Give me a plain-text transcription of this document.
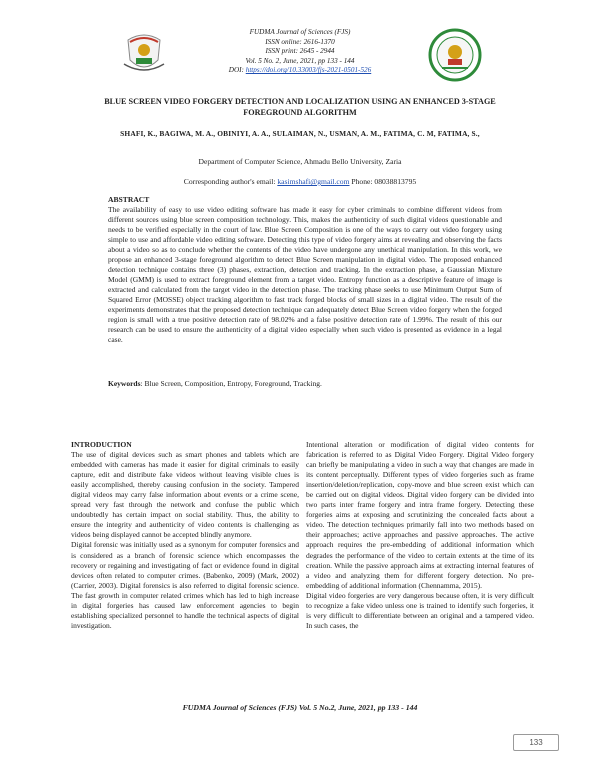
FUDMA Journal of Sciences (FJS)
ISSN online: 2616-1370
ISSN print: 2645 - 2944
Vol. 5 No. 2, June, 2021, pp 133 - 144
DOI: https://doi.org/10.33003/fjs-2021-0501-526
BLUE SCREEN VIDEO FORGERY DETECTION AND LOCALIZATION USING AN ENHANCED 3-STAGE FOREGROUND ALGORITHM
SHAFI, K., BAGIWA, M. A., OBINIYI, A. A., SULAIMAN, N., USMAN, A. M., FATIMA, C. M, FATIMA, S.,
Department of Computer Science, Ahmadu Bello University, Zaria
Corresponding author's email: kasimshafi@gmail.com Phone: 08038813795
ABSTRACT
The availability of easy to use video editing software has made it easy for cyber criminals to combine different videos from different sources using blue screen composition technology. This, makes the authenticity of such digital videos questionable and needs to be verified especially in the court of law. Blue Screen Composition is one of the ways to carry out video forgery using simple to use and affordable video editing software. Detecting this type of video forgery aims at revealing and observing the facts about a video so as to conclude whether the contents of the video have undergone any unethical manipulation. In this work, we propose an enhanced 3-stage foreground algorithm to detect Blue Screen manipulation in digital video. The proposed enhanced detection technique contains three (3) phases, extraction, detection and tracking. In the extraction phase, a Gaussian Mixture Model (GMM) is used to extract foreground element from a target video. Entropy function as a descriptive feature of image is extracted and calculated from the target video in the detection phase. The tracking phase seeks to use Minimum Output Sum of Squared Error (MOSSE) object tracking algorithm to fast track forged blocks of small sizes in a digital video. The result of the experiments demonstrates that the proposed detection technique can adequately detect Blue Screen video forgery when the forged region is small with a true positive detection rate of 98.02% and a false positive detection rate of 1.99%. The result of this our research can be used to ensure the authenticity of a digital video especially when such video is presented as evidence in a legal case.
Keywords: Blue Screen, Composition, Entropy, Foreground, Tracking.
INTRODUCTION

The use of digital devices such as smart phones and tablets which are embedded with cameras has made it easier for digital criminals to easily capture, edit and distribute fake videos without leaving visible clues is easily accomplished, thereby causing confusion in the society. Tampered digital videos may carry false information about events or a crime scene, spread very fast through the network and confuse the public which undoubtedly has certain impact on social stability. Thus, the ability to ensure the integrity and authenticity of video contents is challenging as videos being displayed cannot be accepted blindly anymore.

Digital forensic was initially used as a synonym for computer forensics and is considered as a branch of forensic science which encompasses the recovery or regaining and investigating of fact or evidence found in digital devices often related to computer crimes. (Babenko, 2009) (Mark, 2002) (Carrier, 2003). Digital forensics is also referred to digital forensic science. The fast growth in computer related crimes which has led to high increase in digital forgeries has caused law enforcement agencies to begin establishing specialized personnel to handle the technical aspects of digital investigation.

Intentional alteration or modification of digital video contents for fabrication is referred to as Digital Video Forgery. Digital Video forgery can briefly be manipulating a video in such a way that changes are made in its content perceptually. Different types of video forgeries such as frame insertion/deletion/replication, copy-move and blue screen exist which can be carried out on digital videos. Digital video forgery can be divided into two parts inter frame forgery and intra frame forgery. Detecting these forgeries aims at exposing and scrutinizing the concealed facts about a video. The detection techniques primarily fall into two methods based on their approaches; active approaches and passive approaches. The active approach requires the pre-embedding of additional information which degrades the performance of the video to certain extents at the time of its creation. While the passive approach aims at extracting internal features of a video and analyzing them for different forgery detection. No pre-embedding of additional information (Chennamma, 2015).

Digital video forgeries are very dangerous because often, it is very difficult to recognize a fake video unless one is trained to identify such forgeries, it is very difficult to differentiate between an original and a tampered video. In such cases, the

FUDMA Journal of Sciences (FJS) Vol. 5 No.2, June, 2021, pp 133 - 144
133
